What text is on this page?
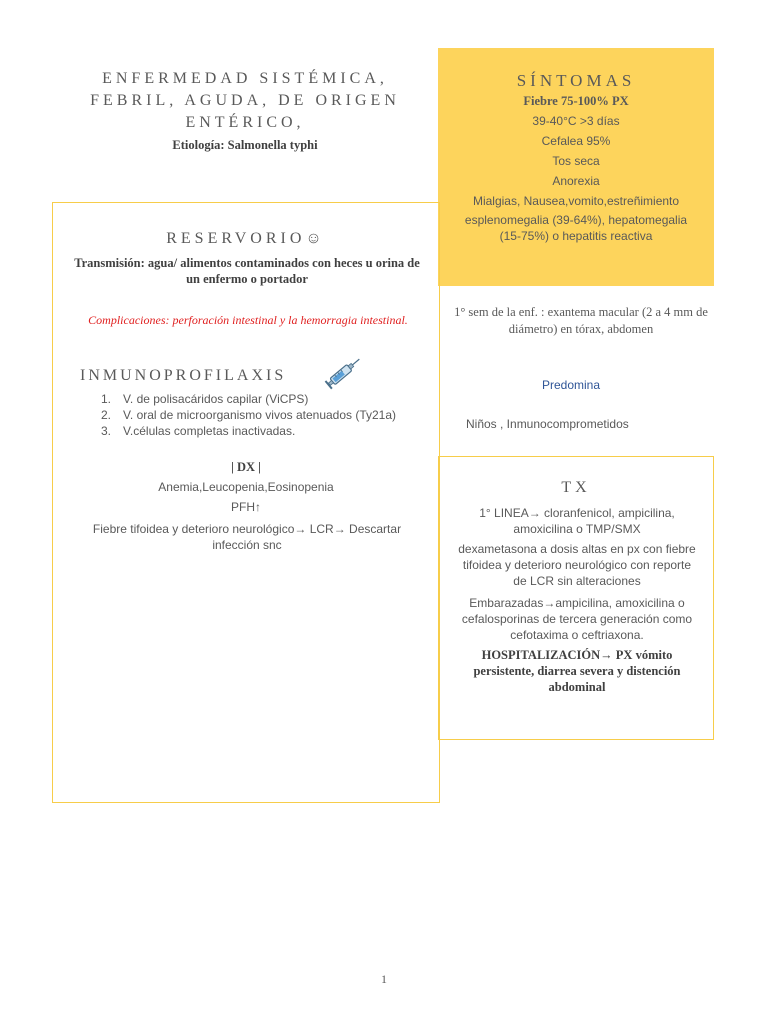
ENFERMEDAD SISTÉMICA,
FEBRIL, AGUDA, DE ORIGEN
ENTÉRICO,
Etiología: Salmonella typhi
SÍNTOMAS

Fiebre 75-100% PX

39-40°C >3 días

Cefalea 95%

Tos seca

Anorexia

Mialgias, Nausea,vomito,estreñimiento

esplenomegalia (39-64%), hepatomegalia (15-75%) o hepatitis reactiva

RESERVORIO☺
Transmisión: agua/ alimentos contaminados con heces u orina de un enfermo o portador
Complicaciones: perforación intestinal y la hemorragia intestinal.
INMUNOPROFILAXIS
1. V. de polisacáridos capilar (ViCPS)
2. V. oral de microorganismo vivos atenuados (Ty21a)
3. V.células completas inactivadas.
| DX |
Anemia,Leucopenia,Eosinopenia
PFH↑
Fiebre tifoidea y deterioro neurológico→ LCR→ Descartar infección snc
1° sem de la enf. : exantema macular (2 a 4 mm de diámetro) en tórax, abdomen
Predomina
Niños , Inmunocomprometidos
TX
1° LINEA→ cloranfenicol, ampicilina, amoxicilina o TMP/SMX
dexametasona a dosis altas en px con fiebre tifoidea y deterioro neurológico con reporte de LCR sin alteraciones
Embarazadas→ampicilina, amoxicilina o cefalosporinas de tercera generación como cefotaxima o ceftriaxona.
HOSPITALIZACIÓN→ PX vómito persistente, diarrea severa y distención abdominal
1
